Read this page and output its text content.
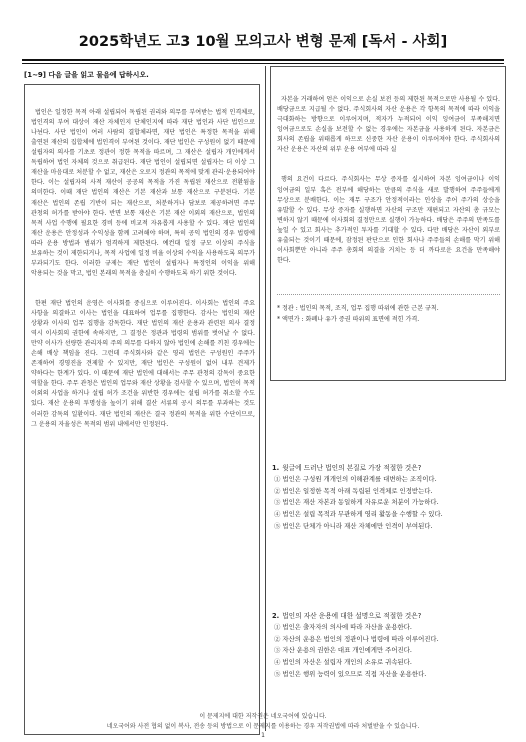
2025학년도 고3 10월 모의고사 변형 문제 [독서 - 사회]
[1~9] 다음 글을 읽고 물음에 답하시오.

법인은 일정한 목적 아래 설립되어 독립된 권리와 의무를 부여받는 법적 인격체로, 법인격의 부여 대상이 재산 자체인지 단체인지에 따라 재단 법인과 사단 법인으로 나뉜다. 사단 법인이 여러 사람의 결합체라면, 재단 법인은 특정한 목적을 위해 출연된 재산의 집합체에 법인격이 부여된 것이다. 재단 법인은 구성원이 없기 때문에 설립자의 의사를 기초로 정관이 정한 목적을 따르며, 그 재산은 설립자 개인에게서 독립하여 법인 자체의 것으로 취급된다. 재단 법인이 설립되면 설립자는 더 이상 그 재산을 마음대로 처분할 수 없고, 재산은 오로지 정관의 목적에 맞게 관리·운용되어야 한다. 이는 설립자의 사적 재산이 공공의 목적을 가진 독립된 재산으로 전환됨을 의미한다. 이때 재단 법인의 재산은 기본 재산과 보통 재산으로 구분된다. 기본 재산은 법인의 존립 기반이 되는 재산으로, 처분하거나 담보로 제공하려면 주무 관청의 허가를 받아야 한다. 반면 보통 재산은 기본 재산 이외의 재산으로, 법인의 목적 사업 수행에 필요한 경비 등에 비교적 자유롭게 사용할 수 있다. 재단 법인의 재산 운용은 안정성과 수익성을 함께 고려해야 하며, 특히 공익 법인의 경우 법령에 따라 운용 방법과 범위가 엄격하게 제한된다. 예컨대 일정 규모 이상의 주식을 보유하는 것이 제한되거나, 목적 사업에 일정 비율 이상의 수익을 사용하도록 의무가 부과되기도 한다. 이러한 규제는 재단 법인이 설립자나 특정인의 이익을 위해 악용되는 것을 막고, 법인 본래의 목적을 충실히 수행하도록 하기 위한 것이다.

한편 재단 법인의 운영은 이사회를 중심으로 이루어진다. 이사회는 법인의 주요 사항을 의결하고 이사는 법인을 대표하여 업무를 집행한다. 감사는 법인의 재산 상황과 이사의 업무 집행을 감독한다. 재단 법인의 재산 운용과 관련된 의사 결정 역시 이사회의 권한에 속하지만, 그 결정은 정관과 법령의 범위를 벗어날 수 없다. 만약 이사가 선량한 관리자의 주의 의무를 다하지 않아 법인에 손해를 끼친 경우에는 손해 배상 책임을 진다. 그런데 주식회사와 같은 영리 법인은 구성원인 주주가 존재하여 경영진을 견제할 수 있지만, 재단 법인은 구성원이 없어 내부 견제가 약하다는 한계가 있다. 이 때문에 재단 법인에 대해서는 주무 관청의 감독이 중요한 역할을 한다. 주무 관청은 법인의 업무와 재산 상황을 검사할 수 있으며, 법인이 목적 이외의 사업을 하거나 설립 허가 조건을 위반한 경우에는 설립 허가를 취소할 수도 있다. 재산 운용의 투명성을 높이기 위해 결산 서류의 공시 의무를 부과하는 것도 이러한 감독의 일환이다. 재단 법인의 재산은 결국 정관의 목적을 위한 수단이므로, 그 운용의 자율성은 목적의 범위 내에서만 인정된다.

자본을 거래하여 얻은 이익으로 손실 보전 등의 제한된 목적으로만 사용될 수 있다. 배당금으로 지급될 수 없다. 주식회사의 자산 운용은 각 항목의 목적에 따라 이익을 극대화하는 방향으로 이루어지며, 적자가 누적되어 이익 잉여금이 부족해지면 잉여금으로도 손실을 보전할 수 없는 경우에는 자본금을 사용하게 된다. 자본금은 회사의 존립을 위태롭게 하므로 신중한 자산 운용이 이루어져야 한다. 주식회사의 자산 운용은 자산의 위부 운용 여부에 따라 실

행의 요건이 다르다. 주식회사는 무상 증자를 실시하여 자본 잉여금이나 이익 잉여금의 일부 혹은 전부에 해당하는 만큼의 주식을 새로 발행하여 주주들에게 무상으로 분배한다. 이는 재무 구조가 안정적이라는 인상을 주어 주가의 상승을 유발할 수 있다. 무상 증자를 실행하면 자산의 구조만 재편되고 자산의 총 규모는 변하지 않기 때문에 이사회의 결정만으로 실행이 가능하다. 배당은 주주의 만족도를 높일 수 있고 회사는 추가적인 투자를 기대할 수 있다. 다만 배당은 자산이 외부로 유출되는 것이기 때문에, 잠정된 판단으로 인한 회사나 주주들의 손해를 막기 위해 이사회뿐만 아니라 주주 총회의 의결을 거치는 등 더 까다로운 요건을 만족해야 한다.

* 정관 : 법인의 목적, 조직, 업무 집행 따위에 관한 근본 규칙.
* 액면가 : 화폐나 유가 증권 따위의 표면에 적힌 가격.
1. 윗글에 드러난 법인의 본질로 가장 적절한 것은?
① 법인은 구성원 개개인의 이해관계를 대변하는 조직이다.
② 법인은 일정한 목적 아래 독립된 인격체로 인정받는다.
③ 법인은 재산 자본과 동일하게 자유로운 처분이 가능하다.
④ 법인은 설립 목적과 무관하게 영리 활동을 수행할 수 있다.
⑤ 법인은 단체가 아니라 재산 자체에만 인격이 부여된다.
2. 법인의 자산 운용에 대한 설명으로 적절한 것은?
① 법인은 출자자의 의사에 따라 자산을 운용한다.
② 자산의 운용은 법인의 정관이나 법령에 따라 이루어진다.
③ 자산 운용의 권한은 대표 개인에게만 주어진다.
④ 법인의 자산은 설립자 개인의 소유로 귀속된다.
⑤ 법인은 행위 능력이 있으므로 직접 자산을 운용한다.
이 문제지에 대한 저작권은 네오국어에 있습니다.
네오국어와 사전 협의 없이 복사, 전송 등의 방법으로 이 문제지를 이용하는 경우 저작권법에 따라 처벌받을 수 있습니다.
1
